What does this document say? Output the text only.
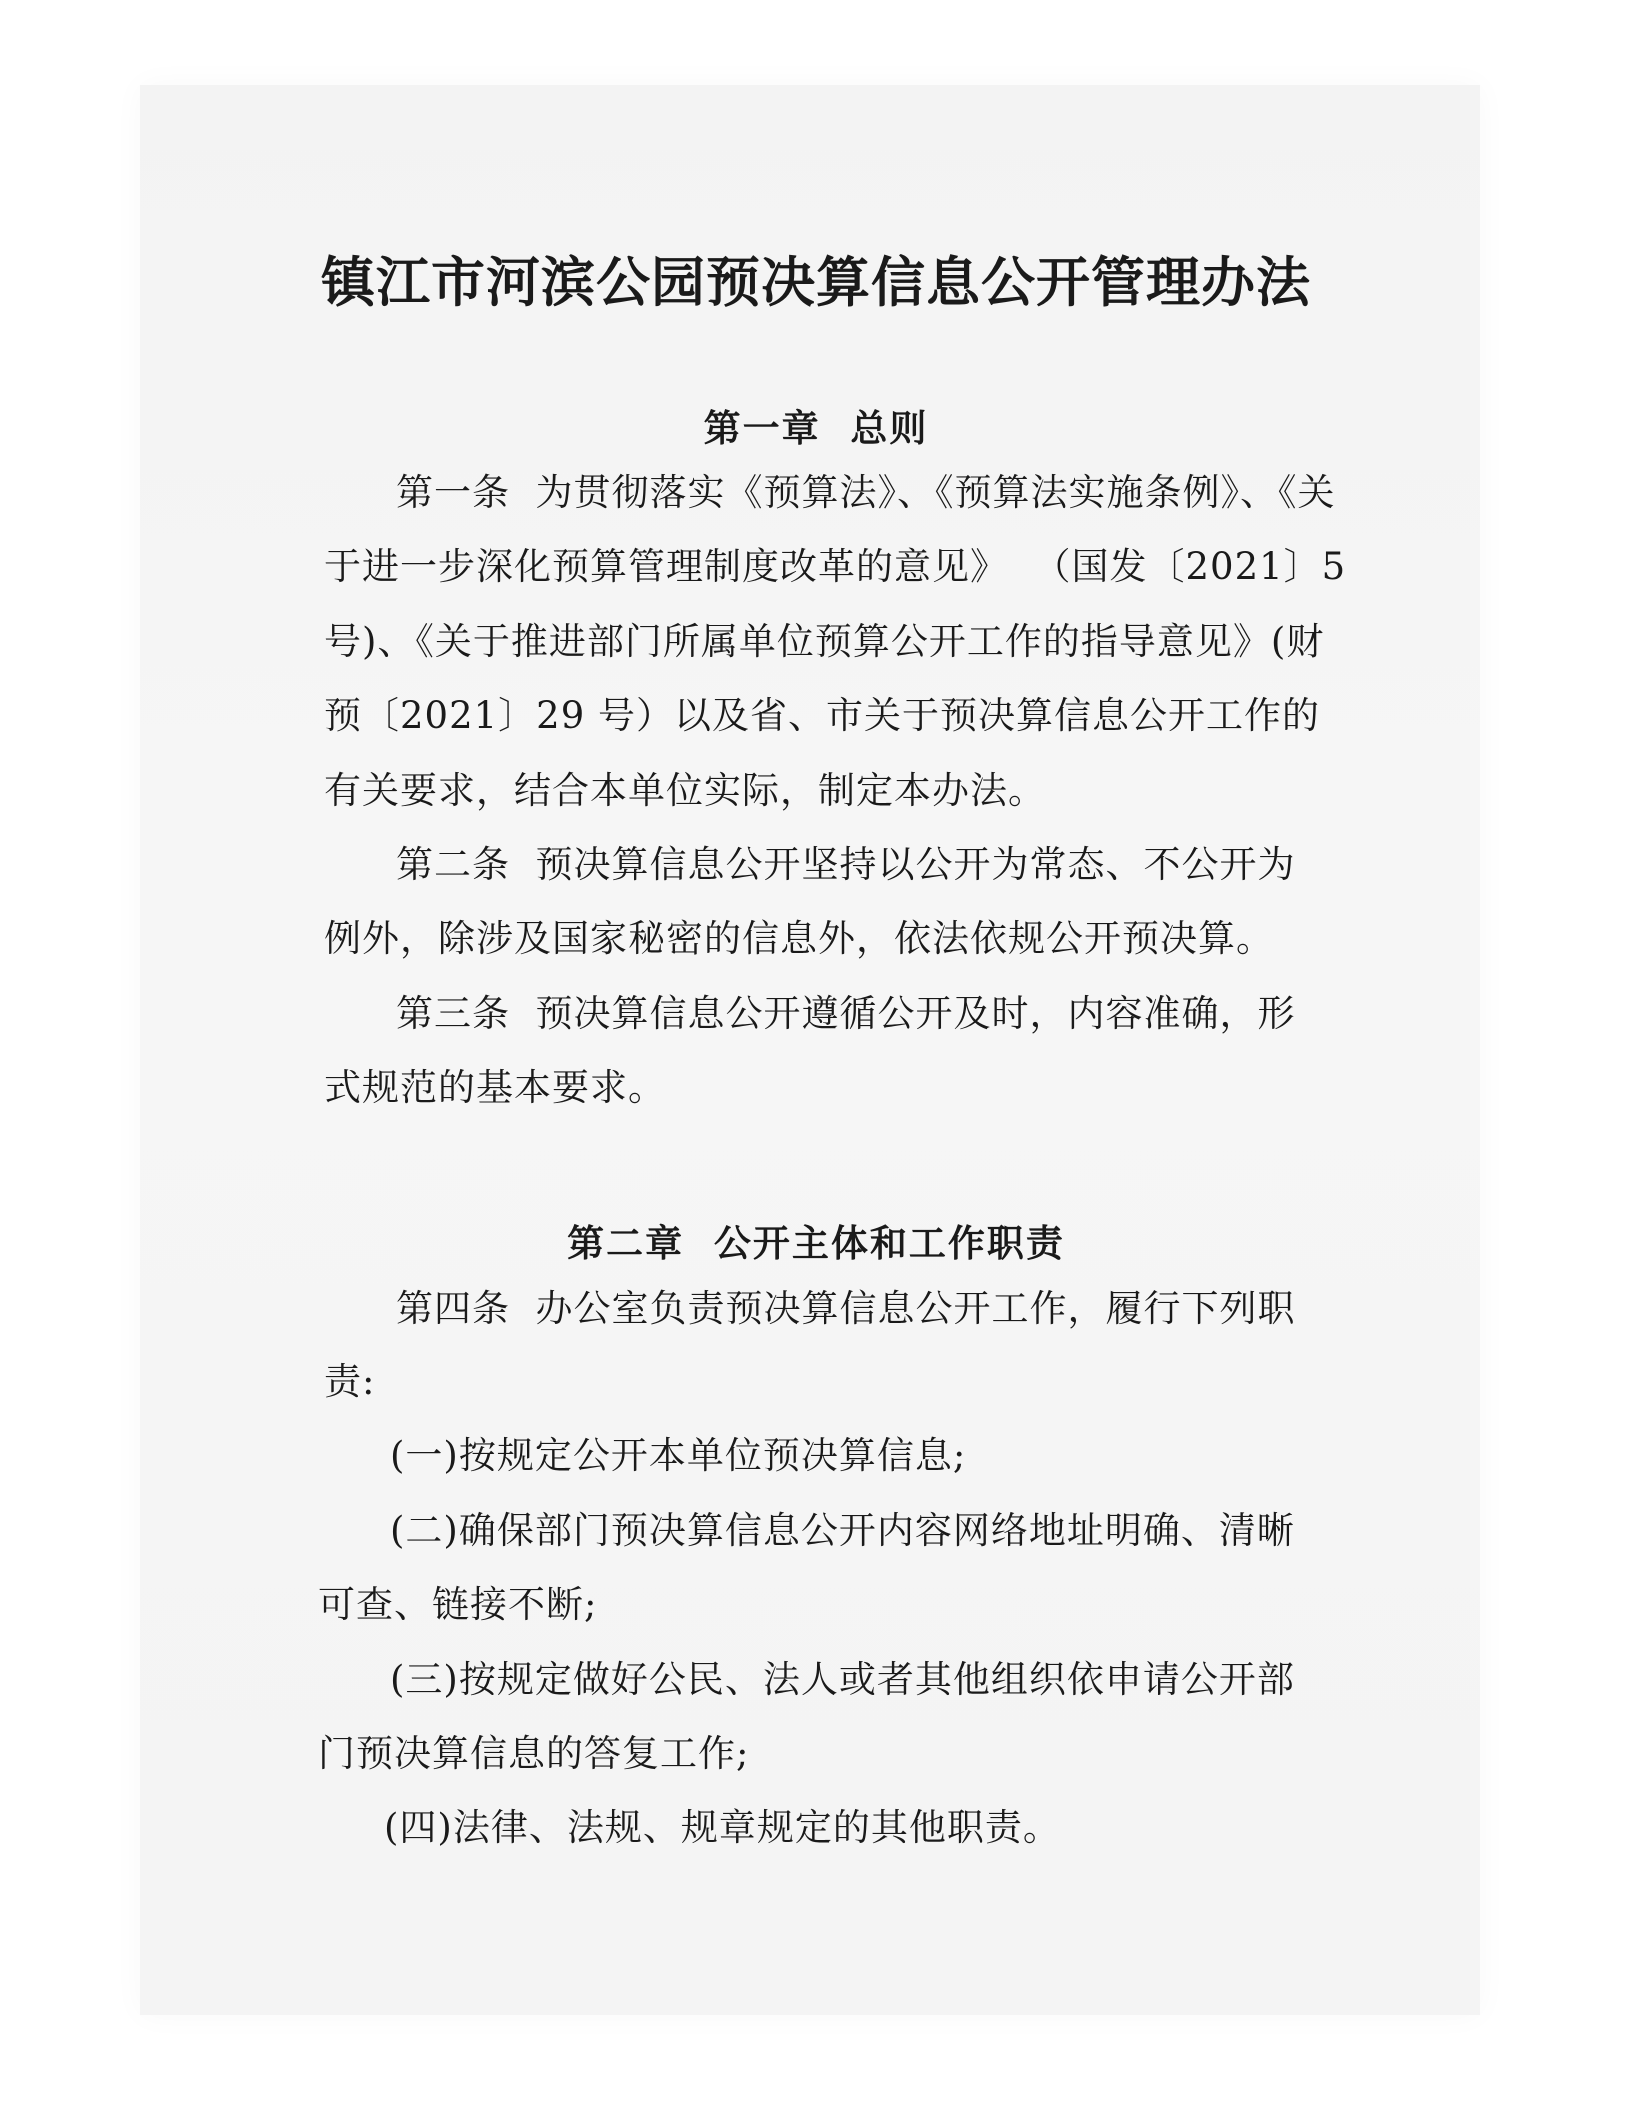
镇江市河滨公园预决算信息公开管理办法
第一章  总则
第一条  为贯彻落实《预算法》、《预算法实施条例》、《关
于进一步深化预算管理制度改革的意见》  （国发〔2021〕5
号)、《关于推进部门所属单位预算公开工作的指导意见》(财
预〔2021〕29 号）以及省、市关于预决算信息公开工作的
有关要求，结合本单位实际，制定本办法。
第二条  预决算信息公开坚持以公开为常态、不公开为
例外，除涉及国家秘密的信息外，依法依规公开预决算。
第三条  预决算信息公开遵循公开及时，内容准确，形
式规范的基本要求。
第二章  公开主体和工作职责
第四条  办公室负责预决算信息公开工作，履行下列职
责:
(一)按规定公开本单位预决算信息;
(二)确保部门预决算信息公开内容网络地址明确、清晰
可查、链接不断;
(三)按规定做好公民、法人或者其他组织依申请公开部
门预决算信息的答复工作;
(四)法律、法规、规章规定的其他职责。
